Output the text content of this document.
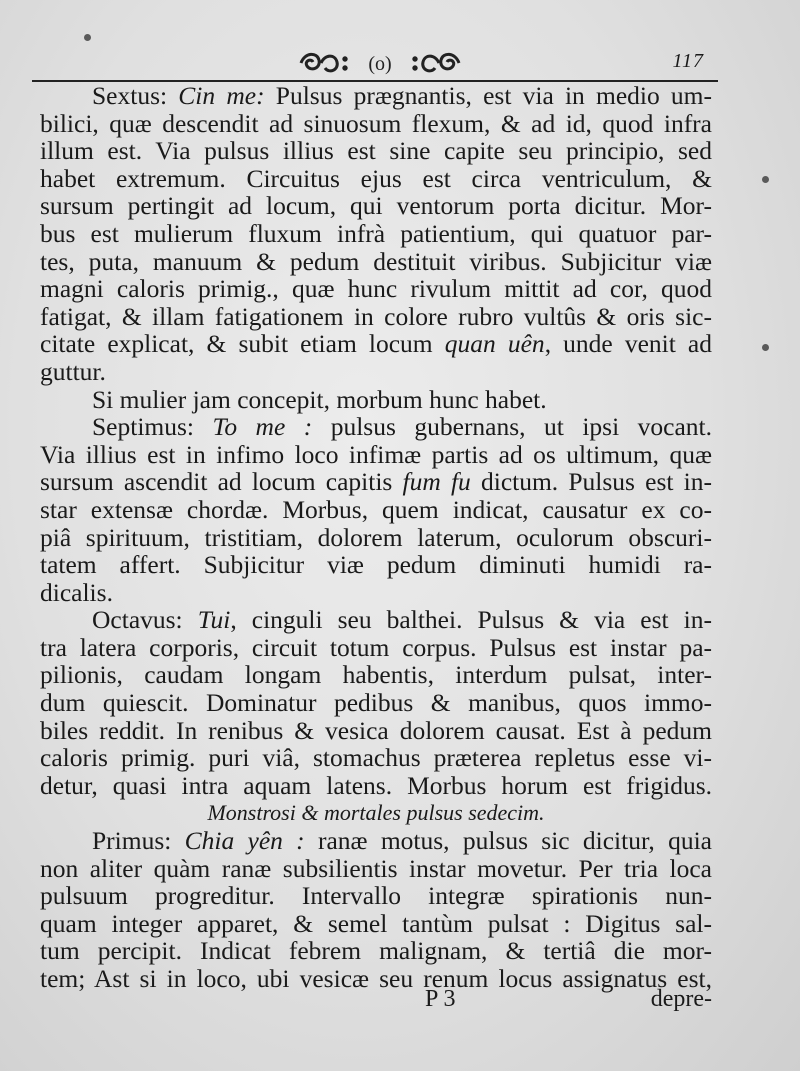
(o)	117
Sextus: Cin me: Pulsus prægnantis, est via in medio um-
bilici, quæ descendit ad sinuosum flexum, & ad id, quod infra
illum est. Via pulsus illius est sine capite seu principio, sed
habet extremum. Circuitus ejus est circa ventriculum, &
sursum pertingit ad locum, qui ventorum porta dicitur. Mor-
bus est mulierum fluxum infrà patientium, qui quatuor par-
tes, puta, manuum & pedum destituit viribus. Subjicitur viæ
magni caloris primig., quæ hunc rivulum mittit ad cor, quod
fatigat, & illam fatigationem in colore rubro vultûs & oris sic-
citate explicat, & subit etiam locum quan uên, unde venit ad
guttur.
Si mulier jam concepit, morbum hunc habet.
Septimus: To me : pulsus gubernans, ut ipsi vocant.
Via illius est in infimo loco infimæ partis ad os ultimum, quæ
sursum ascendit ad locum capitis fum fu dictum. Pulsus est in-
star extensæ chordæ. Morbus, quem indicat, causatur ex co-
piâ spirituum, tristitiam, dolorem laterum, oculorum obscuri-
tatem affert. Subjicitur viæ pedum diminuti humidi ra-
dicalis.
Octavus: Tui, cinguli seu balthei. Pulsus & via est in-
tra latera corporis, circuit totum corpus. Pulsus est instar pa-
pilionis, caudam longam habentis, interdum pulsat, inter-
dum quiescit. Dominatur pedibus & manibus, quos immo-
biles reddit. In renibus & vesica dolorem causat. Est à pedum
caloris primig. puri viâ, stomachus præterea repletus esse vi-
detur, quasi intra aquam latens. Morbus horum est frigidus.
Monstrosi & mortales pulsus sedecim.
Primus: Chia yên : ranæ motus, pulsus sic dicitur, quia
non aliter quàm ranæ subsilientis instar movetur. Per tria loca
pulsuum progreditur. Intervallo integræ spirationis nun-
quam integer apparet, & semel tantùm pulsat : Digitus sal-
tum percipit. Indicat febrem malignam, & tertiâ die mor-
tem; Ast si in loco, ubi vesicæ seu renum locus assignatus est,
P 3	depre-
